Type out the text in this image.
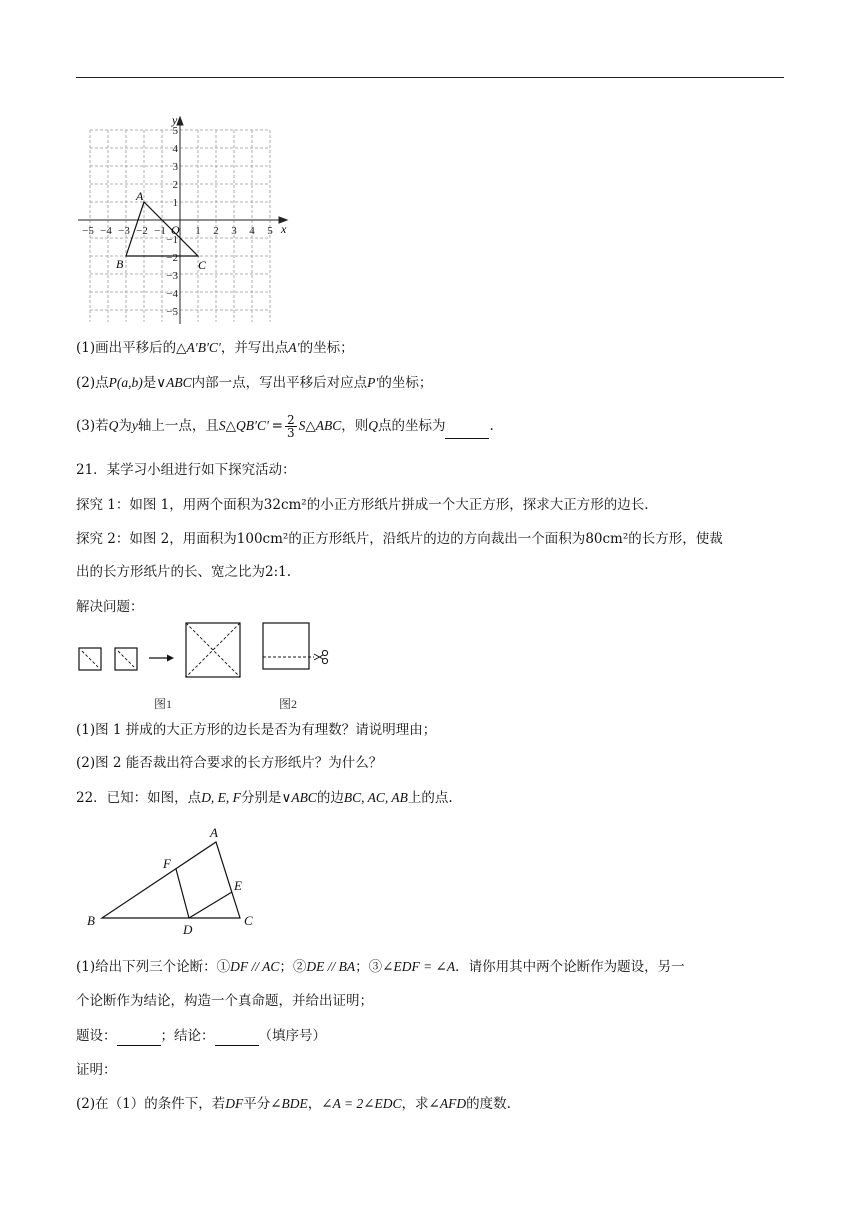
x
y
O
−5 −4 −3 −2 −1	1 2 3 4 5
5
4
3
2
1
−1
−2
−3
−4
−5
A
B	C
(1)画出平移后的△A′B′C′，并写出点A′的坐标；
(2)点P(a,b)是∨ABC内部一点，写出平移后对应点P′的坐标；
(3)若Q为y轴上一点，且S△QB′C′  = $\frac{2}{3}$ S△ABC，则Q点的坐标为	.
21．某学习小组进行如下探究活动：
探究 1：如图 1，用两个面积为32cm²的小正方形纸片拼成一个大正方形，探求大正方形的边长.
探究 2：如图 2，用面积为100cm²的正方形纸片，沿纸片的边的方向裁出一个面积为80cm²的长方形，使裁
出的长方形纸片的长、宽之比为2:1.
解决问题：
图1	图2
(1)图 1 拼成的大正方形的边长是否为有理数？请说明理由；
(2)图 2 能否裁出符合要求的长方形纸片？为什么？
22．已知：如图，点D, E, F分别是∨ABC的边BC, AC, AB上的点.
A
B	C
D
E
F
(1)给出下列三个论断：①DF // AC；②DE // BA；③∠EDF = ∠A．请你用其中两个论断作为题设，另一
个论断作为结论，构造一个真命题，并给出证明；
题设：	；结论：	（填序号）
证明：
(2)在（1）的条件下，若DF平分∠BDE，∠A = 2∠EDC，求∠AFD的度数.
